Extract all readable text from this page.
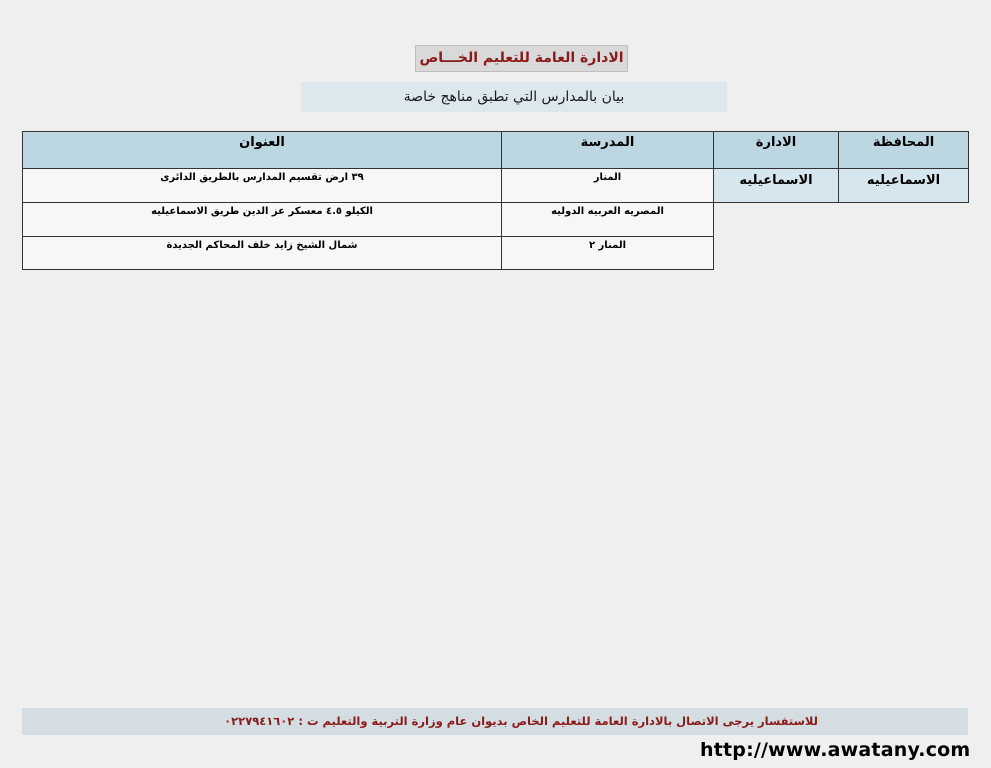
الادارة العامة للتعليم الخـــاص
بيان بالمدارس التي تطبق مناهج خاصة
المحافظة
الادارة
المدرسة
العنوان
الاسماعيليه
الاسماعيليه
المنار
٣٩ ارض تقسيم المدارس بالطريق الدائرى
المصريه العربيه الدوليه
الكيلو ٤.٥ معسكر عز الدين طريق الاسماعيليه
المنار ٢
شمال الشيخ زايد خلف المحاكم الجديدة
للاستفسار يرجى الاتصال بالادارة العامة للتعليم الخاص بديوان عام وزارة التربية والتعليم ت : ٠٢٢٧٩٤١٦٠٢
http://www.awatany.com
